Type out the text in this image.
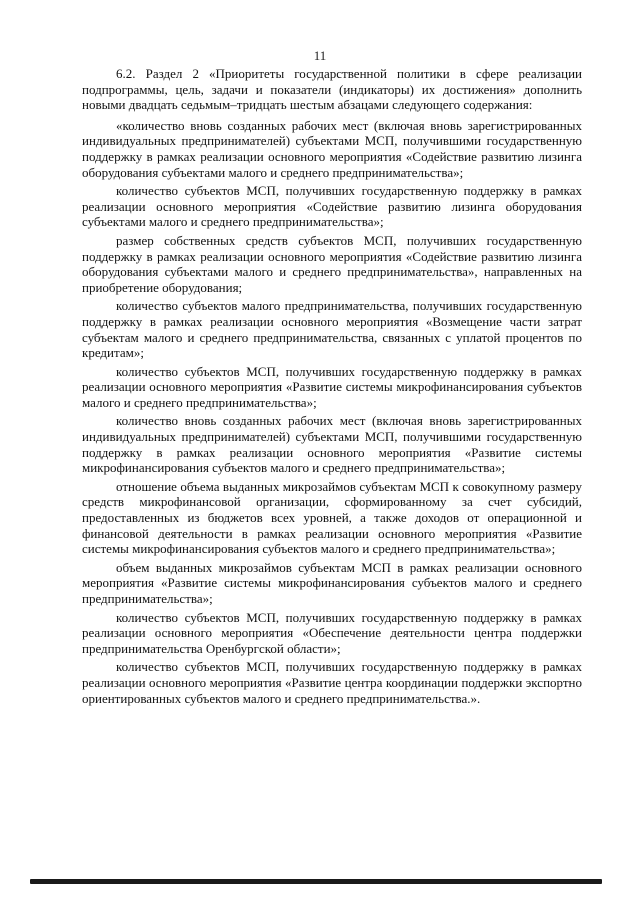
11

6.2. Раздел 2 «Приоритеты государственной политики в сфере реализации подпрограммы, цель, задачи и показатели (индикаторы) их достижения» дополнить новыми двадцать седьмым–тридцать шестым абзацами следующего содержания:

«количество вновь созданных рабочих мест (включая вновь зарегистрированных индивидуальных предпринимателей) субъектами МСП, получившими государственную поддержку в рамках реализации основного мероприятия «Содействие развитию лизинга оборудования субъектами малого и среднего предпринимательства»;

количество субъектов МСП, получивших государственную поддержку в рамках реализации основного мероприятия «Содействие развитию лизинга оборудования субъектами малого и среднего предпринимательства»;

размер собственных средств субъектов МСП, получивших государственную поддержку в рамках реализации основного мероприятия «Содействие развитию лизинга оборудования субъектами малого и среднего предпринимательства», направленных на приобретение оборудования;

количество субъектов малого предпринимательства, получивших государственную поддержку в рамках реализации основного мероприятия «Возмещение части затрат субъектам малого и среднего предпринимательства, связанных с уплатой процентов по кредитам»;

количество субъектов МСП, получивших государственную поддержку в рамках реализации основного мероприятия «Развитие системы микрофинансирования субъектов малого и среднего предпринимательства»;

количество вновь созданных рабочих мест (включая вновь зарегистрированных индивидуальных предпринимателей) субъектами МСП, получившими государственную поддержку в рамках реализации основного мероприятия «Развитие системы микрофинансирования субъектов малого и среднего предпринимательства»;

отношение объема выданных микрозаймов субъектам МСП к совокупному размеру средств микрофинансовой организации, сформированному за счет субсидий, предоставленных из бюджетов всех уровней, а также доходов от операционной и финансовой деятельности в рамках реализации основного мероприятия «Развитие системы микрофинансирования субъектов малого и среднего предпринимательства»;

объем выданных микрозаймов субъектам МСП в рамках реализации основного мероприятия «Развитие системы микрофинансирования субъектов малого и среднего предпринимательства»;

количество субъектов МСП, получивших государственную поддержку в рамках реализации основного мероприятия «Обеспечение деятельности центра поддержки предпринимательства Оренбургской области»;

количество субъектов МСП, получивших государственную поддержку в рамках реализации основного мероприятия «Развитие центра координации поддержки экспортно ориентированных субъектов малого и среднего предпринимательства.».
